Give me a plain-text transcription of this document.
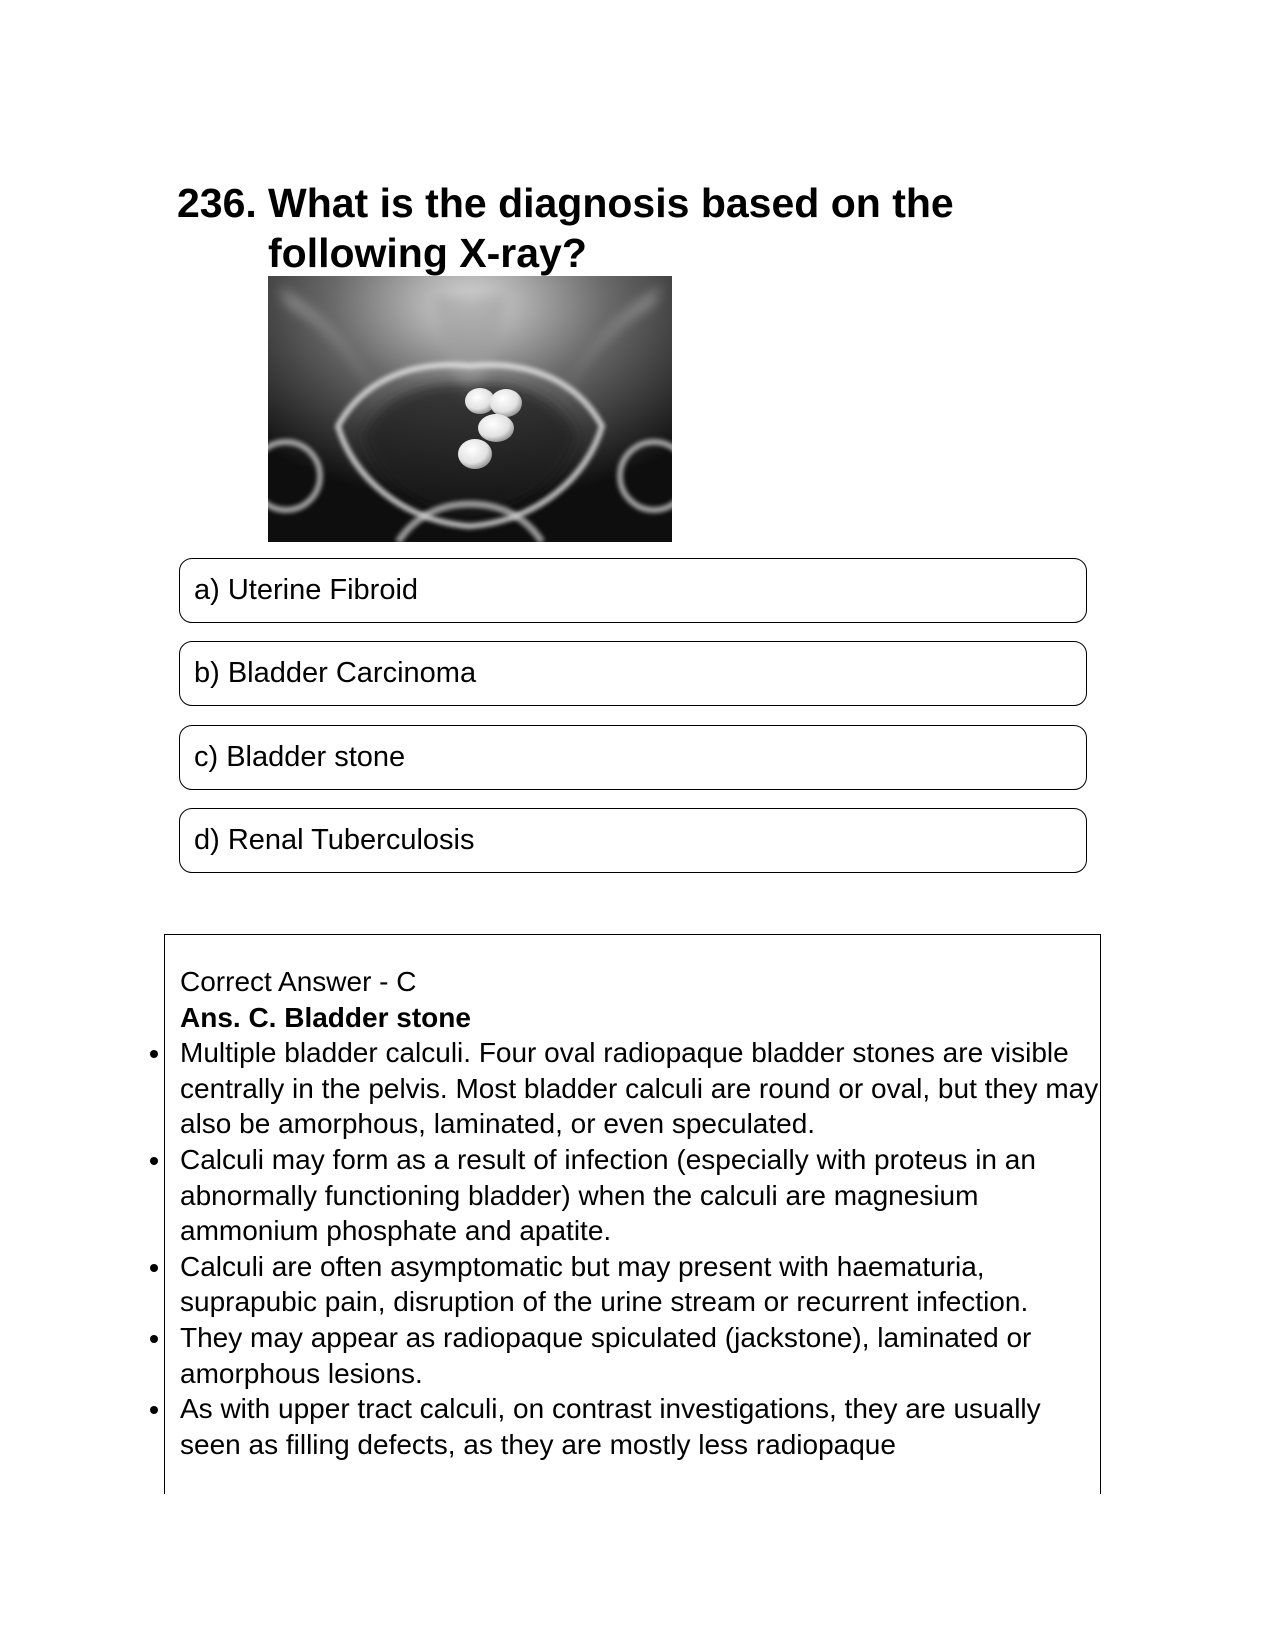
236. What is the diagnosis based on the following X-ray?
a) Uterine Fibroid
b) Bladder Carcinoma
c) Bladder stone
d) Renal Tuberculosis
Correct Answer - C
Ans. C. Bladder stone
Multiple bladder calculi. Four oval radiopaque bladder stones are visible centrally in the pelvis. Most bladder calculi are round or oval, but they may also be amorphous, laminated, or even speculated.
Calculi may form as a result of infection (especially with proteus in an abnormally functioning bladder) when the calculi are magnesium ammonium phosphate and apatite.
Calculi are often asymptomatic but may present with haematuria, suprapubic pain, disruption of the urine stream or recurrent infection.
They may appear as radiopaque spiculated (jackstone), laminated or amorphous lesions.
As with upper tract calculi, on contrast investigations, they are usually seen as filling defects, as they are mostly less radiopaque
